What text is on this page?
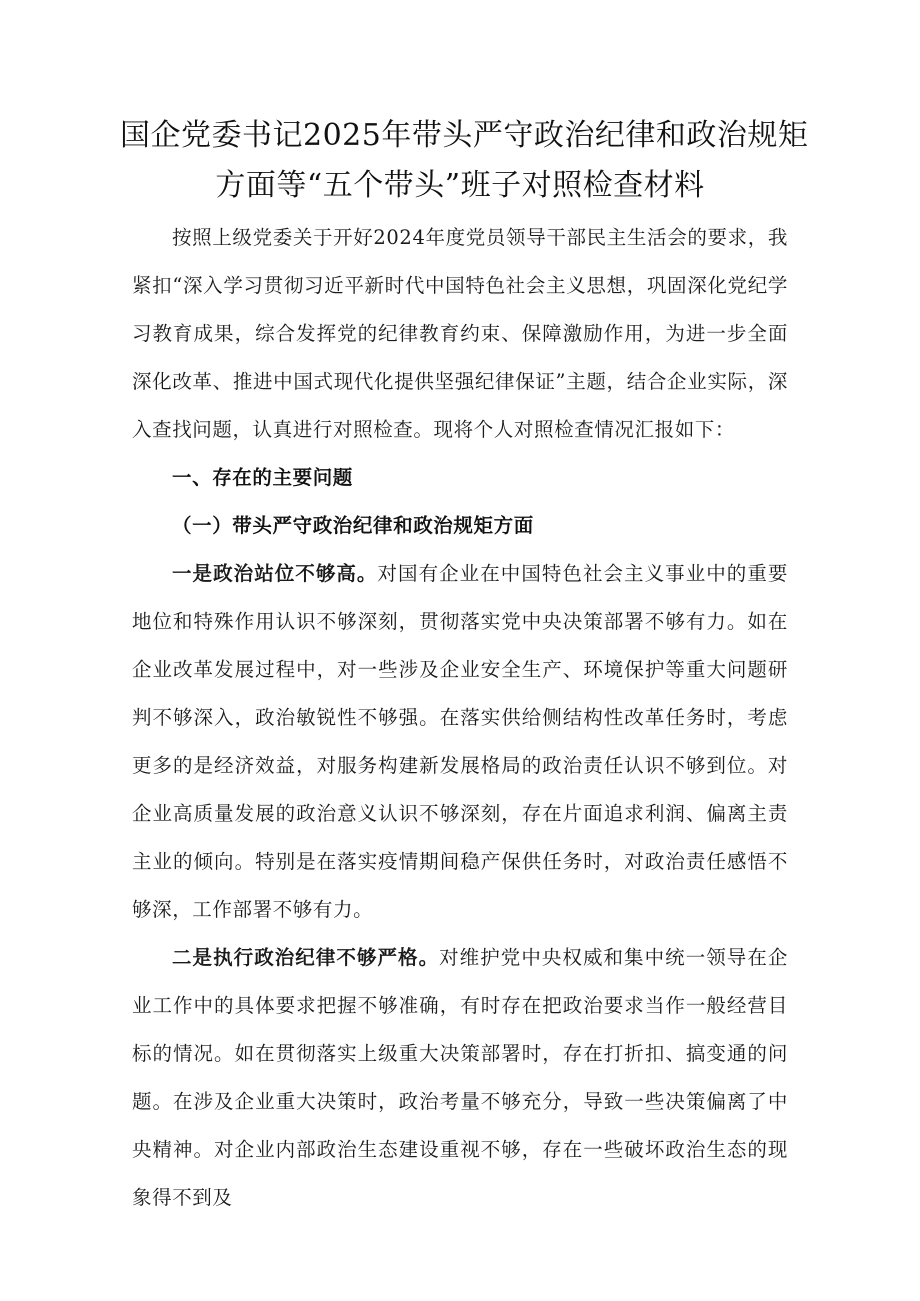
国企党委书记2025年带头严守政治纪律和政治规矩
方面等“五个带头”班子对照检查材料

按照上级党委关于开好2024年度党员领导干部民主生活会的要求，我紧扣“深入学习贯彻习近平新时代中国特色社会主义思想，巩固深化党纪学习教育成果，综合发挥党的纪律教育约束、保障激励作用，为进一步全面深化改革、推进中国式现代化提供坚强纪律保证”主题，结合企业实际，深入查找问题，认真进行对照检查。现将个人对照检查情况汇报如下：

一、存在的主要问题
（一）带头严守政治纪律和政治规矩方面

一是政治站位不够高。对国有企业在中国特色社会主义事业中的重要地位和特殊作用认识不够深刻，贯彻落实党中央决策部署不够有力。如在企业改革发展过程中，对一些涉及企业安全生产、环境保护等重大问题研判不够深入，政治敏锐性不够强。在落实供给侧结构性改革任务时，考虑更多的是经济效益，对服务构建新发展格局的政治责任认识不够到位。对企业高质量发展的政治意义认识不够深刻，存在片面追求利润、偏离主责主业的倾向。特别是在落实疫情期间稳产保供任务时，对政治责任感悟不够深，工作部署不够有力。

二是执行政治纪律不够严格。对维护党中央权威和集中统一领导在企业工作中的具体要求把握不够准确，有时存在把政治要求当作一般经营目标的情况。如在贯彻落实上级重大决策部署时，存在打折扣、搞变通的问题。在涉及企业重大决策时，政治考量不够充分，导致一些决策偏离了中央精神。对企业内部政治生态建设重视不够，存在一些破坏政治生态的现象得不到及
